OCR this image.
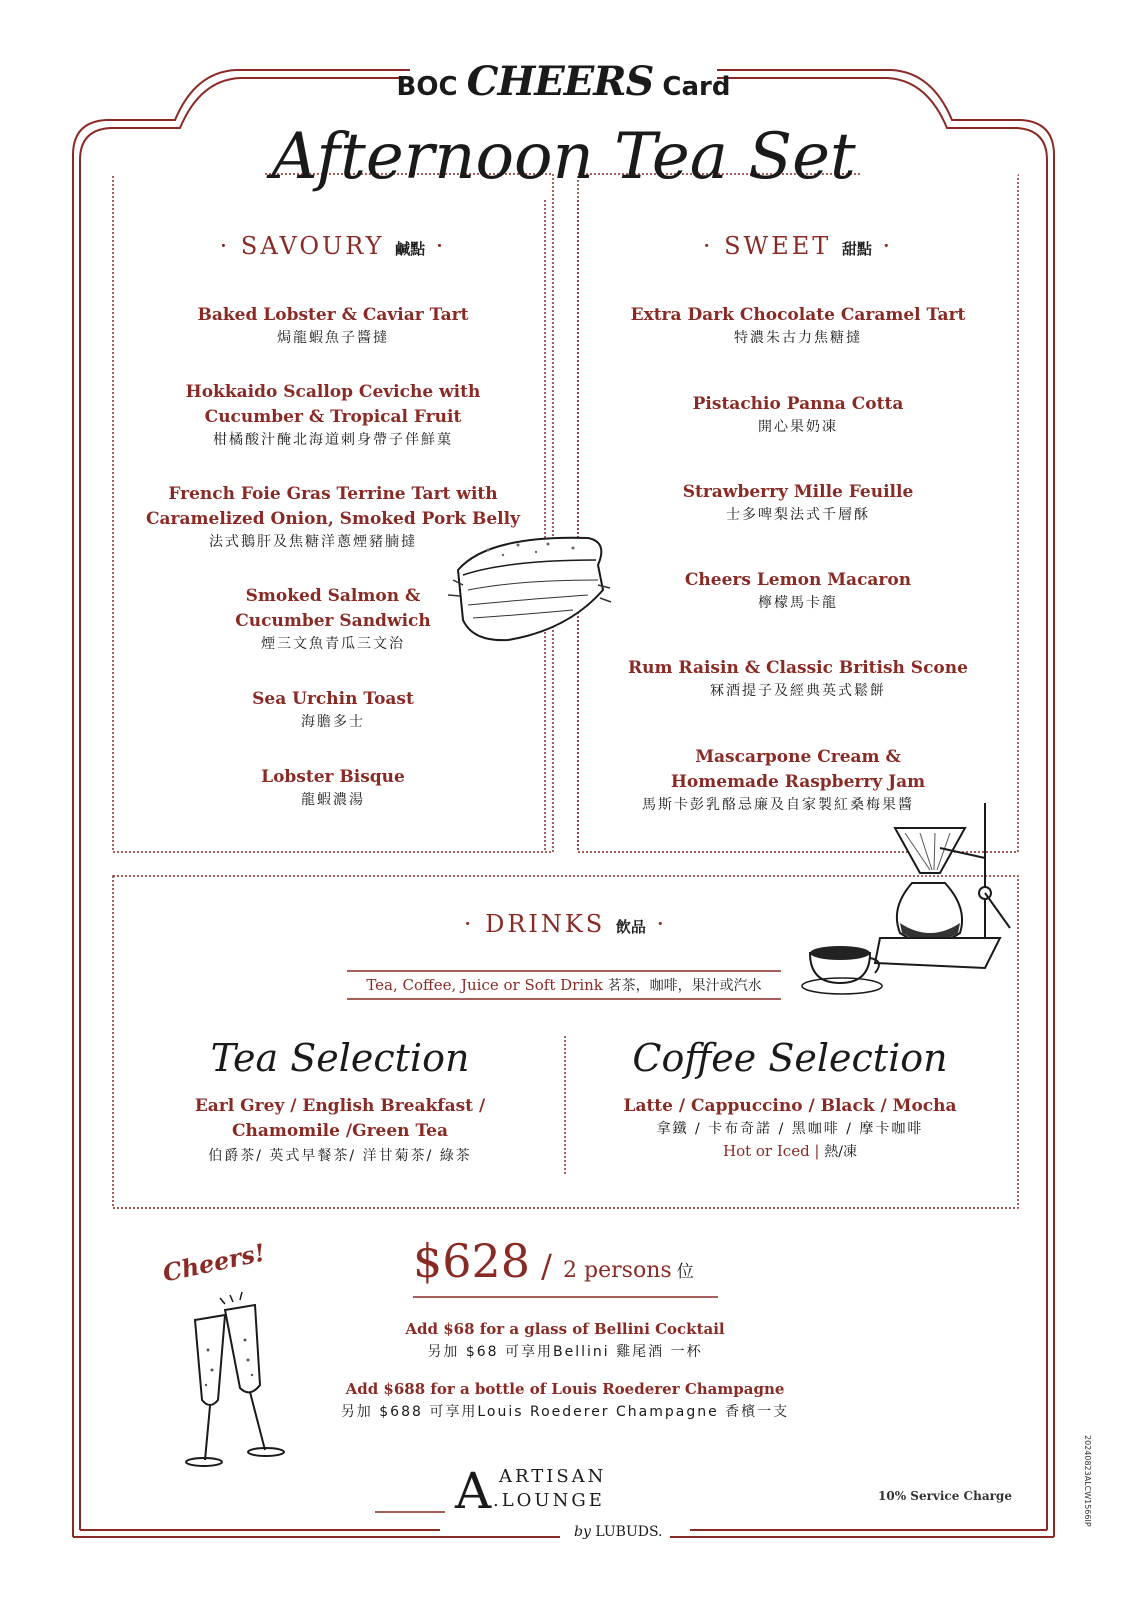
BOC CHEERS Card
Afternoon Tea Set
· SAVOURY 鹹點 ·
Baked Lobster & Caviar Tart
焗龍蝦魚子醬撻
Hokkaido Scallop Ceviche with
Cucumber & Tropical Fruit
柑橘酸汁醃北海道刺身帶子伴鮮菓
French Foie Gras Terrine Tart with
Caramelized Onion, Smoked Pork Belly
法式鵝肝及焦糖洋蔥煙豬腩撻
Smoked Salmon &
Cucumber Sandwich
煙三文魚青瓜三文治
Sea Urchin Toast
海膽多士
Lobster Bisque
龍蝦濃湯
· SWEET 甜點 ·
Extra Dark Chocolate Caramel Tart
特濃朱古力焦糖撻
Pistachio Panna Cotta
開心果奶凍
Strawberry Mille Feuille
士多啤梨法式千層酥
Cheers Lemon Macaron
檸檬馬卡龍
Rum Raisin & Classic British Scone
冧酒提子及經典英式鬆餅
Mascarpone Cream &
Homemade Raspberry Jam
馬斯卡彭乳酪忌廉及自家製紅桑梅果醬
· DRINKS 飲品 ·
Tea, Coffee, Juice or Soft Drink 茗茶，咖啡，果汁或汽水
Tea Selection
Earl Grey / English Breakfast /
Chamomile /Green Tea
伯爵茶/ 英式早餐茶/ 洋甘菊茶/ 綠茶
Coffee Selection
Latte / Cappuccino / Black / Mocha
拿鐵 / 卡布奇諾 / 黑咖啡 / 摩卡咖啡
Hot or Iced | 熱/凍
Cheers!	$628 / 2 persons 位
Add $68 for a glass of Bellini Cocktail
另加 $68 可享用Bellini 雞尾酒 一杯
Add $688 for a bottle of Louis Roederer Champagne
另加 $688 可享用Louis Roederer Champagne 香檳一支
A ARTISAN
.LOUNGE
by LUBUDS.
10% Service Charge	20240823ALCW1566IP
